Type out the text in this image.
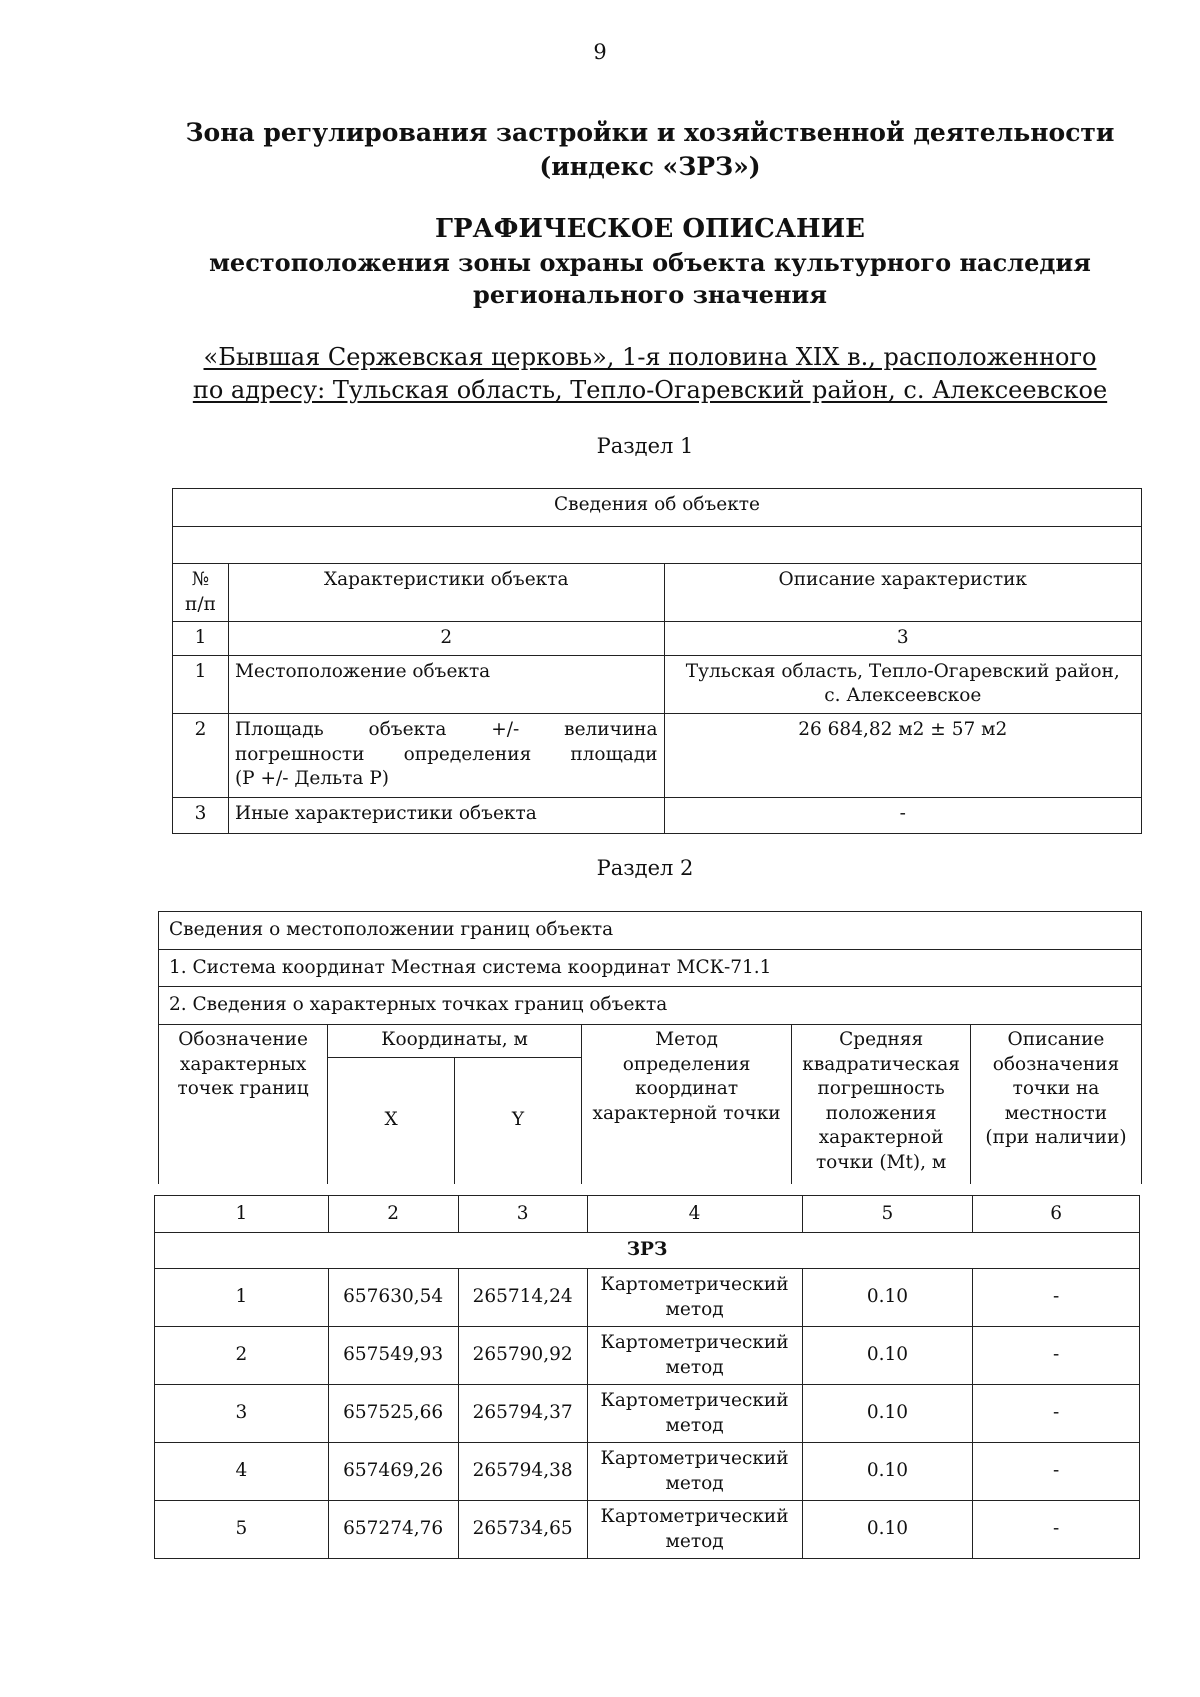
9
Зона регулирования застройки и хозяйственной деятельности
(индекс «ЗРЗ»)
ГРАФИЧЕСКОЕ ОПИСАНИЕ
местоположения зоны охраны объекта культурного наследия
регионального значения
«Бывшая Сержевская церковь», 1-я половина XIX в., расположенного
по адресу: Тульская область, Тепло-Огаревский район, с. Алексеевское
Раздел 1
Сведения об объекте		

№
п/п	Характеристики объекта	Описание характеристик
1	2	3
1	Местоположение объекта	Тульская область, Тепло-Огаревский район,
с. Алексеевское
2	Площадь объекта +/- величина
погрешности определения площади
(Р +/- Дельта Р)	26 684,82 м2 ± 57 м2
3	Иные характеристики объекта	-
Раздел 2
Сведения о местоположении границ объекта					
1. Система координат Местная система координат МСК-71.1					
2. Сведения о характерных точках границ объекта					
Обозначение характерных точек границ	Координаты, м		Метод определения координат характерной точки	Средняя квадратическая погрешность положения характерной точки (Mt), м	Описание обозначения точки на местности (при наличии)
	X	Y			
1	2	3	4	5	6
ЗРЗ					
1	657630,54	265714,24	Картометрический метод	0.10	-
2	657549,93	265790,92	Картометрический метод	0.10	-
3	657525,66	265794,37	Картометрический метод	0.10	-
4	657469,26	265794,38	Картометрический метод	0.10	-
5	657274,76	265734,65	Картометрический метод	0.10	-
